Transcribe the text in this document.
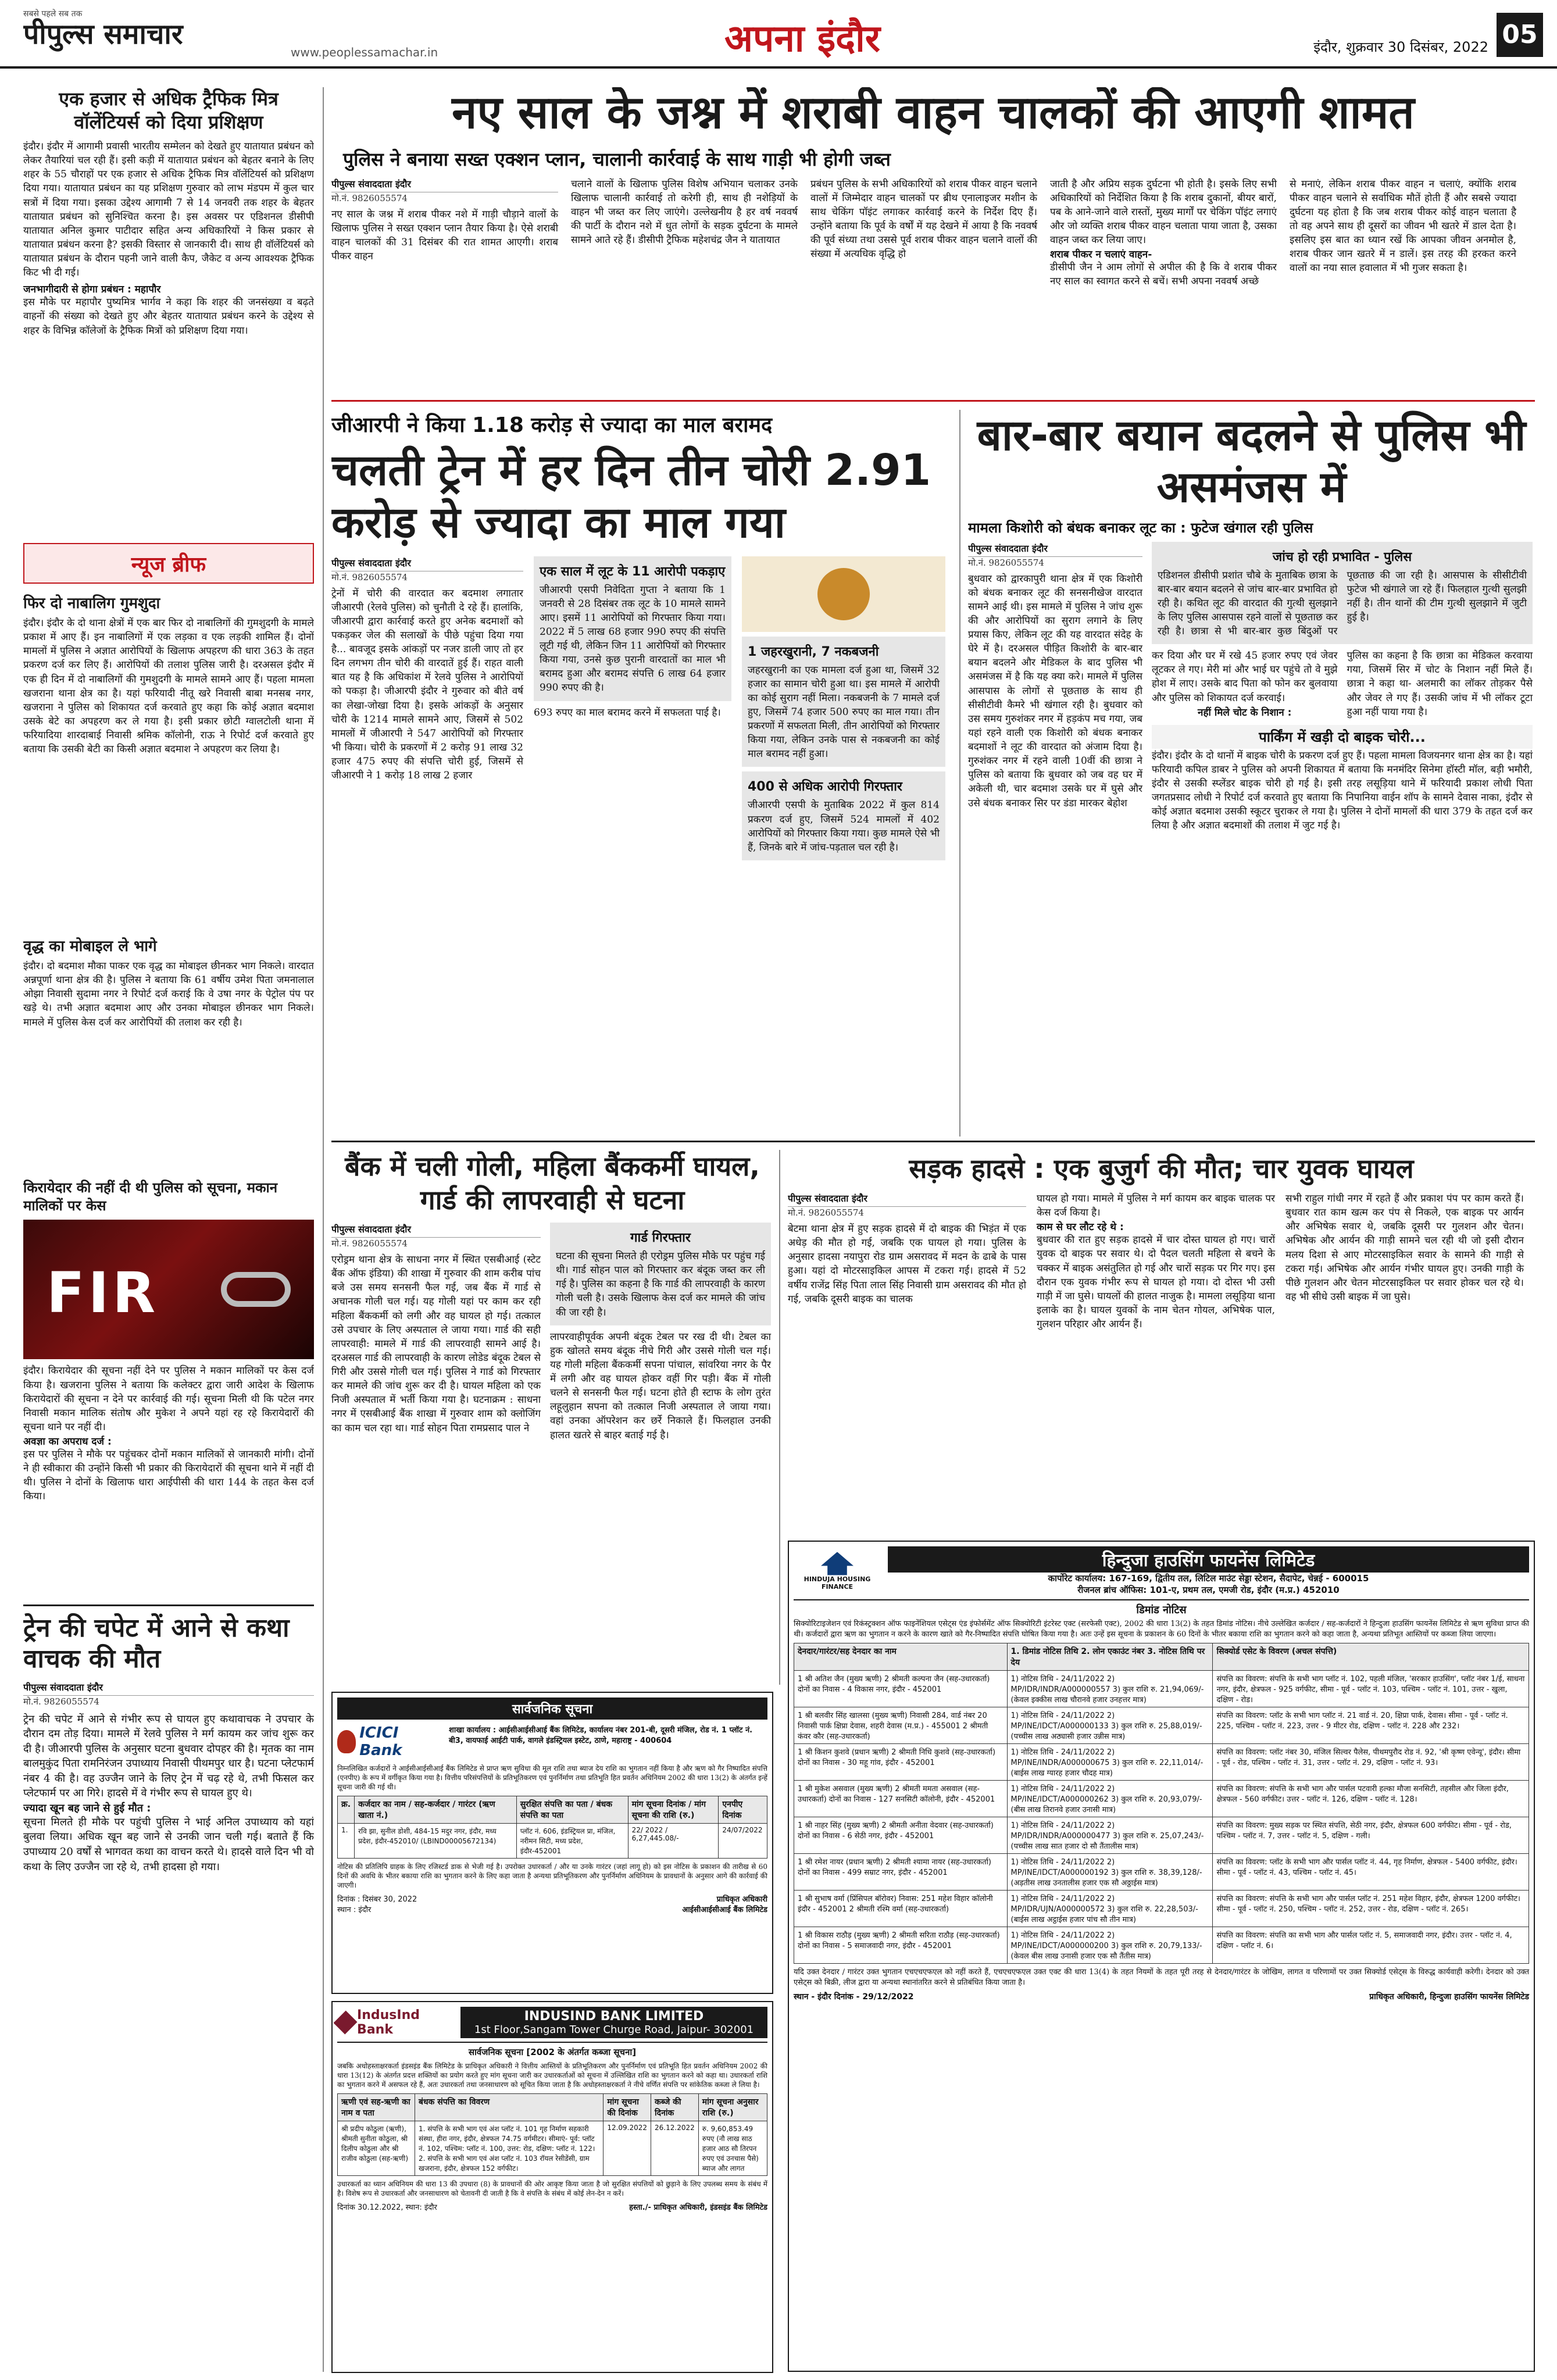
सबसे पहले सब तक
पीपुल्स समाचार
www.peoplessamachar.in	अपना इंदौर	इंदौर, शुक्रवार 30 दिसंबर, 2022 05
एक हजार से अधिक ट्रैफिक मित्र वॉलेंटियर्स को दिया प्रशिक्षण
इंदौर। इंदौर में आगामी प्रवासी भारतीय सम्मेलन को देखते हुए यातायात प्रबंधन को लेकर तैयारियां चल रही हैं। इसी कड़ी में यातायात प्रबंधन को बेहतर बनाने के लिए शहर के 55 चौराहों पर एक हजार से अधिक ट्रैफिक मित्र वॉलेंटियर्स को प्रशिक्षण दिया गया। यातायात प्रबंधन का यह प्रशिक्षण गुरुवार को लाभ मंडपम में कुल चार सत्रों में दिया गया। इसका उद्देश्य आगामी 7 से 14 जनवरी तक शहर के बेहतर यातायात प्रबंधन को सुनिश्चित करना है। इस अवसर पर एडिशनल डीसीपी यातायात अनिल कुमार पाटीदार सहित अन्य अधिकारियों ने किस प्रकार से यातायात प्रबंधन करना है? इसकी विस्तार से जानकारी दी। साथ ही वॉलेंटियर्स को यातायात प्रबंधन के दौरान पहनी जाने वाली कैप, जैकेट व अन्य आवश्यक ट्रैफिक किट भी दी गई।
जनभागीदारी से होगा प्रबंधन : महापौर
इस मौके पर महापौर पुष्यमित्र भार्गव ने कहा कि शहर की जनसंख्या व बढ़ते वाहनों की संख्या को देखते हुए और बेहतर यातायात प्रबंधन करने के उद्देश्य से शहर के विभिन्न कॉलेजों के ट्रैफिक मित्रों को प्रशिक्षण दिया गया।
न्यूज ब्रीफ
फिर दो नाबालिग गुमशुदा
इंदौर। इंदौर के दो थाना क्षेत्रों में एक बार फिर दो नाबालिगों की गुमशुदगी के मामले प्रकाश में आए हैं। इन नाबालिगों में एक लड़का व एक लड़की शामिल हैं। दोनों मामलों में पुलिस ने अज्ञात आरोपियों के खिलाफ अपहरण की धारा 363 के तहत प्रकरण दर्ज कर लिए हैं। आरोपियों की तलाश पुलिस जारी है। दरअसल इंदौर में एक ही दिन में दो नाबालिगों की गुमशुदगी के मामले सामने आए हैं। पहला मामला खजराना थाना क्षेत्र का है। यहां फरियादी नीतू खरे निवासी बाबा मनसब नगर, खजराना ने पुलिस को शिकायत दर्ज करवाते हुए कहा कि कोई अज्ञात बदमाश उसके बेटे का अपहरण कर ले गया है। इसी प्रकार छोटी ग्वालटोली थाना में फरियादिया शारदाबाई निवासी श्रमिक कॉलोनी, राऊ ने रिपोर्ट दर्ज करवाते हुए बताया कि उसकी बेटी का किसी अज्ञात बदमाश ने अपहरण कर लिया है।
वृद्ध का मोबाइल ले भागे
इंदौर। दो बदमाश मौका पाकर एक वृद्ध का मोबाइल छीनकर भाग निकले। वारदात अन्नपूर्णा थाना क्षेत्र की है। पुलिस ने बताया कि 61 वर्षीय उमेश पिता जमनालाल ओझा निवासी सुदामा नगर ने रिपोर्ट दर्ज कराई कि वे उषा नगर के पेट्रोल पंप पर खड़े थे। तभी अज्ञात बदमाश आए और उनका मोबाइल छीनकर भाग निकले। मामले में पुलिस केस दर्ज कर आरोपियों की तलाश कर रही है।
किरायेदार की नहीं दी थी पुलिस को सूचना, मकान मालिकों पर केस
FIR
इंदौर। किरायेदार की सूचना नहीं देने पर पुलिस ने मकान मालिकों पर केस दर्ज किया है। खजराना पुलिस ने बताया कि कलेक्टर द्वारा जारी आदेश के खिलाफ किरायेदारों की सूचना न देने पर कार्रवाई की गई। सूचना मिली थी कि पटेल नगर निवासी मकान मालिक संतोष और मुकेश ने अपने यहां रह रहे किरायेदारों की सूचना थाने पर नहीं दी।
अवज्ञा का अपराध दर्ज :
इस पर पुलिस ने मौके पर पहुंचकर दोनों मकान मालिकों से जानकारी मांगी। दोनों ने ही स्वीकारा की उन्होंने किसी भी प्रकार की किरायेदारों की सूचना थाने में नहीं दी थी। पुलिस ने दोनों के खिलाफ धारा आईपीसी की धारा 144 के तहत केस दर्ज किया।
ट्रेन की चपेट में आने से कथा वाचक की मौत
पीपुल्स संवाददाता इंदौर
मो.नं. 9826055574
ट्रेन की चपेट में आने से गंभीर रूप से घायल हुए कथावाचक ने उपचार के दौरान दम तोड़ दिया। मामले में रेलवे पुलिस ने मर्ग कायम कर जांच शुरू कर दी है। जीआरपी पुलिस के अनुसार घटना बुधवार दोपहर की है। मृतक का नाम बालमुकुंद पिता रामनिरंजन उपाध्याय निवासी पीथमपुर धार है। घटना प्लेटफार्म नंबर 4 की है। वह उज्जैन जाने के लिए ट्रेन में चढ़ रहे थे, तभी फिसल कर प्लेटफार्म पर आ गिरे। हादसे में वे गंभीर रूप से घायल हुए थे।
ज्यादा खून बह जाने से हुई मौत :
सूचना मिलते ही मौके पर पहुंची पुलिस ने भाई अनिल उपाध्याय को यहां बुलवा लिया। अधिक खून बह जाने से उनकी जान चली गई। बताते हैं कि उपाध्याय 20 वर्षों से भागवत कथा का वाचन करते थे। हादसे वाले दिन भी वो कथा के लिए उज्जैन जा रहे थे, तभी हादसा हो गया।
नए साल के जश्न में शराबी वाहन चालकों की आएगी शामत
पुलिस ने बनाया सख्त एक्शन प्लान, चालानी कार्रवाई के साथ गाड़ी भी होगी जब्त
पीपुल्स संवाददाता इंदौर
मो.नं. 9826055574
नए साल के जश्न में शराब पीकर नशे में गाड़ी चौड़ाने वालों के खिलाफ पुलिस ने सख्त एक्शन प्लान तैयार किया है। ऐसे शराबी वाहन चालकों की 31 दिसंबर की रात शामत आएगी। शराब पीकर वाहन
चलाने वालों के खिलाफ पुलिस विशेष अभियान चलाकर उनके खिलाफ चालानी कार्रवाई तो करेगी ही, साथ ही नशेड़ियों के वाहन भी जब्त कर लिए जाएंगे। उल्लेखनीय है हर वर्ष नववर्ष की पार्टी के दौरान नशे में धुत लोगों के सड़क दुर्घटना के मामले सामने आते रहे हैं। डीसीपी ट्रैफिक महेशचंद्र जैन ने यातायात
प्रबंधन पुलिस के सभी अधिकारियों को शराब पीकर वाहन चलाने वालों में जिम्मेदार वाहन चालकों पर ब्रीथ एनालाइजर मशीन के साथ चेकिंग पॉइंट लगाकर कार्रवाई करने के निर्देश दिए हैं। उन्होंने बताया कि पूर्व के वर्षों में यह देखने में आया है कि नववर्ष की पूर्व संध्या तथा उससे पूर्व शराब पीकर वाहन चलाने वालों की संख्या में अत्यधिक वृद्धि हो
जाती है और अप्रिय सड़क दुर्घटना भी होती है। इसके लिए सभी अधिकारियों को निर्देशित किया है कि शराब दुकानों, बीयर बारों, पब के आने-जाने वाले रास्तों, मुख्य मार्गों पर चेकिंग पॉइंट लगाएं और जो व्यक्ति शराब पीकर वाहन चलाता पाया जाता है, उसका वाहन जब्त कर लिया जाए।
शराब पीकर न चलाएं वाहन-
डीसीपी जैन ने आम लोगों से अपील की है कि वे शराब पीकर नए साल का स्वागत करने से बचें। सभी अपना नववर्ष अच्छे
से मनाएं, लेकिन शराब पीकर वाहन न चलाएं, क्योंकि शराब पीकर वाहन चलाने से सर्वाधिक मौतें होती हैं और सबसे ज्यादा दुर्घटना यह होता है कि जब शराब पीकर कोई वाहन चलाता है तो वह अपने साथ ही दूसरों का जीवन भी खतरे में डाल देता है। इसलिए इस बात का ध्यान रखें कि आपका जीवन अनमोल है, शराब पीकर जान खतरे में न डालें। इस तरह की हरकत करने वालों का नया साल हवालात में भी गुजर सकता है।
जीआरपी ने किया 1.18 करोड़ से ज्यादा का माल बरामद
चलती ट्रेन में हर दिन तीन चोरी 2.91 करोड़ से ज्यादा का माल गया
पीपुल्स संवाददाता इंदौर
मो.नं. 9826055574
ट्रेनों में चोरी की वारदात कर बदमाश लगातार जीआरपी (रेलवे पुलिस) को चुनौती दे रहे हैं। हालांकि, जीआरपी द्वारा कार्रवाई करते हुए अनेक बदमाशों को पकड़कर जेल की सलाखों के पीछे पहुंचा दिया गया है... बावजूद इसके आंकड़ों पर नजर डाली जाए तो हर दिन लगभग तीन चोरी की वारदातें हुई हैं। राहत वाली बात यह है कि अधिकांश में रेलवे पुलिस ने आरोपियों को पकड़ा है। जीआरपी इंदौर ने गुरुवार को बीते वर्ष का लेखा-जोखा दिया है। इसके आंकड़ों के अनुसार चोरी के 1214 मामले सामने आए, जिसमें से 502 मामलों में जीआरपी ने 547 आरोपियों को गिरफ्तार भी किया। चोरी के प्रकरणों में 2 करोड़ 91 लाख 32 हजार 475 रुपए की संपत्ति चोरी हुई, जिसमें से जीआरपी ने 1 करोड़ 18 लाख 2 हजार
एक साल में लूट के 11 आरोपी पकड़ाए
जीआरपी एसपी निवेदिता गुप्ता ने बताया कि 1 जनवरी से 28 दिसंबर तक लूट के 10 मामले सामने आए। इसमें 11 आरोपियों को गिरफ्तार किया गया। 2022 में 5 लाख 68 हजार 990 रुपए की संपत्ति लूटी गई थी, लेकिन जिन 11 आरोपियों को गिरफ्तार किया गया, उनसे कुछ पुरानी वारदातों का माल भी बरामद हुआ और बरामद संपत्ति 6 लाख 64 हजार 990 रुपए की है।
693 रुपए का माल बरामद करने में सफलता पाई है।
1 जहरखुरानी, 7 नकबजनी
जहरखुरानी का एक मामला दर्ज हुआ था, जिसमें 32 हजार का सामान चोरी हुआ था। इस मामले में आरोपी का कोई सुराग नहीं मिला। नकबजनी के 7 मामले दर्ज हुए, जिसमें 74 हजार 500 रुपए का माल गया। तीन प्रकरणों में सफलता मिली, तीन आरोपियों को गिरफ्तार किया गया, लेकिन उनके पास से नकबजनी का कोई माल बरामद नहीं हुआ।
400 से अधिक आरोपी गिरफ्तार
जीआरपी एसपी के मुताबिक 2022 में कुल 814 प्रकरण दर्ज हुए, जिसमें 524 मामलों में 402 आरोपियों को गिरफ्तार किया गया। कुछ मामले ऐसे भी हैं, जिनके बारे में जांच-पड़ताल चल रही है।
बार-बार बयान बदलने से पुलिस भी असमंजस में
मामला किशोरी को बंधक बनाकर लूट का : फुटेज खंगाल रही पुलिस
पीपुल्स संवाददाता इंदौर
मो.नं. 9826055574
बुधवार को द्वारकापुरी थाना क्षेत्र में एक किशोरी को बंधक बनाकर लूट की सनसनीखेज वारदात सामने आई थी। इस मामले में पुलिस ने जांच शुरू की और आरोपियों का सुराग लगाने के लिए प्रयास किए, लेकिन लूट की यह वारदात संदेह के घेरे में है। दरअसल पीड़ित किशोरी के बार-बार बयान बदलने और मेडिकल के बाद पुलिस भी असमंजस में है कि यह क्या करे। मामले में पुलिस आसपास के लोगों से पूछताछ के साथ ही सीसीटीवी कैमरे भी खंगाल रही है। बुधवार को उस समय गुरुशंकर नगर में हड़कंप मच गया, जब यहां रहने वाली एक किशोरी को बंधक बनाकर बदमाशों ने लूट की वारदात को अंजाम दिया है। गुरुशंकर नगर में रहने वाली 10वीं की छात्रा ने पुलिस को बताया कि बुधवार को जब वह घर में अकेली थी, चार बदमाश उसके घर में घुसे और उसे बंधक बनाकर सिर पर डंडा मारकर बेहोश
जांच हो रही प्रभावित - पुलिस
एडिशनल डीसीपी प्रशांत चौबे के मुताबिक छात्रा के बार-बार बयान बदलने से जांच बार-बार प्रभावित हो रही है। कथित लूट की वारदात की गुत्थी सुलझाने के लिए पुलिस आसपास रहने वालों से पूछताछ कर रही है। छात्रा से भी बार-बार कुछ बिंदुओं पर पूछताछ की जा रही है। आसपास के सीसीटीवी फुटेज भी खंगाले जा रहे हैं। फिलहाल गुत्थी सुलझी नहीं है। तीन थानों की टीम गुत्थी सुलझाने में जुटी हुई है।
कर दिया और घर में रखे 45 हजार रुपए एवं जेवर लूटकर ले गए। मेरी मां और भाई घर पहुंचे तो वे मुझे होश में लाए। उसके बाद पिता को फोन कर बुलवाया और पुलिस को शिकायत दर्ज करवाई।
नहीं मिले चोट के निशान :
पुलिस का कहना है कि छात्रा का मेडिकल करवाया गया, जिसमें सिर में चोट के निशान नहीं मिले हैं। छात्रा ने कहा था- अलमारी का लॉकर तोड़कर पैसे और जेवर ले गए हैं। उसकी जांच में भी लॉकर टूटा हुआ नहीं पाया गया है।
पार्किंग में खड़ी दो बाइक चोरी...
इंदौर। इंदौर के दो थानों में बाइक चोरी के प्रकरण दर्ज हुए हैं। पहला मामला विजयनगर थाना क्षेत्र का है। यहां फरियादी कपिल डाबर ने पुलिस को अपनी शिकायत में बताया कि मनमंदिर सिनेमा हॉस्टी मॉल, बड़ी भमौरी, इंदौर से उसकी स्प्लेंडर बाइक चोरी हो गई है। इसी तरह लसूड़िया थाने में फरियादी प्रकाश लोधी पिता जगतप्रसाद लोधी ने रिपोर्ट दर्ज करवाते हुए बताया कि निपानिया वाईन शॉप के सामने देवास नाका, इंदौर से कोई अज्ञात बदमाश उसकी स्कूटर चुराकर ले गया है। पुलिस ने दोनों मामलों की धारा 379 के तहत दर्ज कर लिया है और अज्ञात बदमाशों की तलाश में जुट गई है।
बैंक में चली गोली, महिला बैंककर्मी घायल, गार्ड की लापरवाही से घटना
पीपुल्स संवाददाता इंदौर
मो.नं. 9826055574
एरोड्रम थाना क्षेत्र के साधना नगर में स्थित एसबीआई (स्टेट बैंक ऑफ इंडिया) की शाखा में गुरुवार की शाम करीब पांच बजे उस समय सनसनी फैल गई, जब बैंक में गार्ड से अचानक गोली चल गई। यह गोली यहां पर काम कर रही महिला बैंककर्मी को लगी और वह घायल हो गई। तत्काल उसे उपचार के लिए अस्पताल ले जाया गया। गार्ड की सही लापरवाही: मामले में गार्ड की लापरवाही सामने आई है। दरअसल गार्ड की लापरवाही के कारण लोडेड बंदूक टेबल से गिरी और उससे गोली चल गई। पुलिस ने गार्ड को गिरफ्तार कर मामले की जांच शुरू कर दी है। घायल महिला को एक निजी अस्पताल में भर्ती किया गया है। घटनाक्रम : साधना नगर में एसबीआई बैंक शाखा में गुरुवार शाम को क्लोजिंग का काम चल रहा था। गार्ड सोहन पिता रामप्रसाद पाल ने
गार्ड गिरफ्तार
घटना की सूचना मिलते ही एरोड्रम पुलिस मौके पर पहुंच गई थी। गार्ड सोहन पाल को गिरफ्तार कर बंदूक जब्त कर ली गई है। पुलिस का कहना है कि गार्ड की लापरवाही के कारण गोली चली है। उसके खिलाफ केस दर्ज कर मामले की जांच की जा रही है।
लापरवाहीपूर्वक अपनी बंदूक टेबल पर रख दी थी। टेबल का हुक खोलते समय बंदूक नीचे गिरी और उससे गोली चल गई। यह गोली महिला बैंककर्मी सपना पांचाल, सांवरिया नगर के पैर में लगी और वह घायल होकर वहीं गिर पड़ी। बैंक में गोली चलने से सनसनी फैल गई। घटना होते ही स्टाफ के लोग तुरंत लहूलुहान सपना को तत्काल निजी अस्पताल ले जाया गया। वहां उनका ऑपरेशन कर छर्रे निकाले हैं। फिलहाल उनकी हालत खतरे से बाहर बताई गई है।
सड़क हादसे : एक बुजुर्ग की मौत; चार युवक घायल
पीपुल्स संवाददाता इंदौर
मो.नं. 9826055574
बेटमा थाना क्षेत्र में हुए सड़क हादसे में दो बाइक की भिड़ंत में एक अधेड़ की मौत हो गई, जबकि एक घायल हो गया। पुलिस के अनुसार हादसा नयापुरा रोड ग्राम असरावद में मदन के ढाबे के पास हुआ। यहां दो मोटरसाइकिल आपस में टकरा गई। हादसे में 52 वर्षीय राजेंद्र सिंह पिता लाल सिंह निवासी ग्राम असरावद की मौत हो गई, जबकि दूसरी बाइक का चालक
घायल हो गया। मामले में पुलिस ने मर्ग कायम कर बाइक चालक पर केस दर्ज किया है।
काम से घर लौट रहे थे :
बुधवार की रात हुए सड़क हादसे में चार दोस्त घायल हो गए। चारों युवक दो बाइक पर सवार थे। दो पैदल चलती महिला से बचने के चक्कर में बाइक असंतुलित हो गई और चारों सड़क पर गिर गए। इस दौरान एक युवक गंभीर रूप से घायल हो गया। दो दोस्त भी उसी गाड़ी में जा घुसे। घायलों की हालत नाजुक है। मामला लसूड़िया थाना इलाके का है। घायल युवकों के नाम चेतन गोयल, अभिषेक पाल, गुलशन परिहार और आर्यन हैं।
सभी राहुल गांधी नगर में रहते हैं और प्रकाश पंप पर काम करते हैं। बुधवार रात काम खत्म कर पंप से निकले, एक बाइक पर आर्यन और अभिषेक सवार थे, जबकि दूसरी पर गुलशन और चेतन। अभिषेक और आर्यन की गाड़ी सामने चल रही थी जो इसी दौरान मलय दिशा से आए मोटरसाइकिल सवार के सामने की गाड़ी से टकरा गई। अभिषेक और आर्यन गंभीर घायल हुए। उनकी गाड़ी के पीछे गुलशन और चेतन मोटरसाइकिल पर सवार होकर चल रहे थे। वह भी सीधे उसी बाइक में जा घुसे।
सार्वजनिक सूचना
ICICI Bank
शाखा कार्यालय : आईसीआईसीआई बैंक लिमिटेड, कार्यालय नंबर 201-बी, दूसरी मंजिल, रोड नं. 1 प्लॉट नं. बी3, वायफाई आईटी पार्क, वागले इंडस्ट्रियल इस्टेट, ठाणे, महाराष्ट्र - 400604
निम्नलिखित कर्जदारों ने आईसीआईसीआई बैंक लिमिटेड से प्राप्त ऋण सुविधा की मूल राशि तथा ब्याज देय राशि का भुगतान नहीं किया है और ऋण को गैर निष्पादित संपत्ति (एनपीए) के रूप में वर्गीकृत किया गया है। वित्तीय परिसंपत्तियों के प्रतिभूतिकरण एवं पुनर्निर्माण तथा प्रतिभूति हित प्रवर्तन अधिनियम 2002 की धारा 13(2) के अंतर्गत इन्हें सूचना जारी की गई थी।
क्र.	कर्जदार का नाम / सह-कर्जदार / गारंटर (ऋण खाता नं.)	सुरक्षित संपत्ति का पता / बंधक संपत्ति का पता	मांग सूचना दिनांक / मांग सूचना की राशि (रु.)	एनपीए दिनांक
1.	रवि झा, सुनील डोशी, 484-15 मदुर नगर, इंदौर, मध्य प्रदेश, इंदौर-452010/ (LBIND00005672134)	प्लॉट नं. 606, इंडस्ट्रियल प्रा, मंजिल, नरीमन सिटी, मध्य प्रदेश, इंदौर-452001	22/ 2022 / 6,27,445.08/-	24/07/2022
नोटिस की प्रतिलिपि ग्राहक के लिए रजिस्टर्ड डाक से भेजी गई है। उपरोक्त उधारकर्ता / और या उनके गारंटर (जहां लागू हो) को इस नोटिस के प्रकाशन की तारीख से 60 दिनों की अवधि के भीतर बकाया राशि का भुगतान करने के लिए कहा जाता है अन्यथा प्रतिभूतिकरण और पुनर्निर्माण अधिनियम के प्रावधानों के अनुसार आगे की कार्रवाई की जाएगी।
दिनांक : दिसंबर 30, 2022
स्थान : इंदौर
प्राधिकृत अधिकारी
आईसीआईसीआई बैंक लिमिटेड
IndusInd Bank
INDUSIND BANK LIMITED
1st Floor,Sangam Tower Churge Road, Jaipur- 302001
सार्वजनिक सूचना [2002 के अंतर्गत कब्जा सूचना]
जबकि अधोहस्ताक्षरकर्ता इंडसइंड बैंक लिमिटेड के प्राधिकृत अधिकारी ने वित्तीय आस्तियों के प्रतिभूतिकरण और पुनर्निर्माण एवं प्रतिभूति हित प्रवर्तन अधिनियम 2002 की धारा 13(12) के अंतर्गत प्रदत्त शक्तियों का प्रयोग करते हुए मांग सूचना जारी कर उधारकर्ताओं को सूचना में उल्लिखित राशि का भुगतान करने को कहा था। उधारकर्ता राशि का भुगतान करने में असफल रहे हैं, अतः उधारकर्ता तथा जनसाधारण को सूचित किया जाता है कि अधोहस्ताक्षरकर्ता ने नीचे वर्णित संपत्ति पर सांकेतिक कब्जा ले लिया है।
ऋणी एवं सह-ऋणी का नाम व पता	बंधक संपत्ति का विवरण	मांग सूचना की दिनांक	कब्जे की दिनांक	मांग सूचना अनुसार राशि (रु.)
श्री प्रदीप कोठुला (ऋणी), श्रीमती सुनीता कोठुला, श्री दिलीप कोठुला और श्री राजीव कोठुला (सह-ऋणी)	1. संपत्ति के सभी भाग एवं अंश प्लॉट नं. 101 गृह निर्माण सहकारी संस्था, हीरा नगर, इंदौर, क्षेत्रफल 74.75 वर्गमीटर। सीमाएं- पूर्व: प्लॉट नं. 102, पश्चिम: प्लॉट नं. 100, उत्तर: रोड, दक्षिण: प्लॉट नं. 122। 2. संपत्ति के सभी भाग एवं अंश प्लॉट नं. 103 रॉयल रेसीडेंसी, ग्राम खजराना, इंदौर, क्षेत्रफल 152 वर्गफीट।	12.09.2022	26.12.2022	रु. 9,60,853.49 रुपए (नौ लाख साठ हजार आठ सौ तिरपन रुपए एवं उनचास पैसे) ब्याज और लागत
उधारकर्ता का ध्यान अधिनियम की धारा 13 की उपधारा (8) के प्रावधानों की ओर आकृष्ट किया जाता है जो सुरक्षित संपत्तियों को छुड़ाने के लिए उपलब्ध समय के संबंध में है। विशेष रूप से उधारकर्ता और जनसाधारण को चेतावनी दी जाती है कि वे संपत्ति के संबंध में कोई लेन-देन न करें।
दिनांक 30.12.2022, स्थान: इंदौर	हस्ता./- प्राधिकृत अधिकारी, इंडसइंड बैंक लिमिटेड
HINDUJA HOUSING FINANCE
हिन्दुजा हाउसिंग फायनेंस लिमिटेड
कार्पोरेट कार्यालय: 167-169, द्वितीय तल, लिटिल माउंट सेड्डा स्टेशन, सैदापेट, चेन्नई - 600015
रीजनल ब्रांच ऑफिस: 101-ए, प्रथम तल, एमजी रोड, इंदौर (म.प्र.) 452010
डिमांड नोटिस
सिक्योरिटाइजेशन एवं रिकंस्ट्रक्शन ऑफ फाइनेंशियल एसेट्स एंड इंफोर्समेंट ऑफ सिक्योरिटी इंटरेस्ट एक्ट (सरफेसी एक्ट), 2002 की धारा 13(2) के तहत डिमांड नोटिस। नीचे उल्लेखित कर्जदार / सह-कर्जदारों ने हिन्दुजा हाउसिंग फायनेंस लिमिटेड से ऋण सुविधा प्राप्त की थी। कर्जदारों द्वारा ऋण का भुगतान न करने के कारण खाते को गैर-निष्पादित संपत्ति घोषित किया गया है। अतः उन्हें इस सूचना के प्रकाशन के 60 दिनों के भीतर बकाया राशि का भुगतान करने को कहा जाता है, अन्यथा प्रतिभूत आस्तियों पर कब्जा लिया जाएगा।
देनदार/गारंटर/सह देनदार का नाम	1. डिमांड नोटिस तिथि 2. लोन एकाउंट नंबर 3. नोटिस तिथि पर देय	सिक्योर्ड एसेट के विवरण (अचल संपत्ति)
1 श्री अतिश जैन (मुख्य ऋणी) 2 श्रीमती कल्पना जैन (सह-उधारकर्ता) दोनों का निवास - 4 विकास नगर, इंदौर - 452001	1) नोटिस तिथि - 24/11/2022 2) MP/IDR/INDR/A000000557 3) कुल राशि रु. 21,94,069/- (केवल इक्कीस लाख चौरानवे हजार उनहत्तर मात्र)	संपत्ति का विवरण: संपत्ति के सभी भाग प्लॉट नं. 102, पहली मंजिल, 'सरकार हाउसिंग', प्लॉट नंबर 1/ई, साधना नगर, इंदौर, क्षेत्रफल - 925 वर्गफीट, सीमा - पूर्व - प्लॉट नं. 103, पश्चिम - प्लॉट नं. 101, उत्तर - खुला, दक्षिण - रोड।
1 श्री बलवीर सिंह खालसा (मुख्य ऋणी) निवासी 284, वार्ड नंबर 20 निवासी पार्क क्षिप्रा देवास, शहरी देवास (म.प्र.) - 455001 2 श्रीमती कंवर कौर (सह-उधारकर्ता)	1) नोटिस तिथि - 24/11/2022 2) MP/INE/IDCT/A000000133 3) कुल राशि रु. 25,88,019/- (पच्चीस लाख अठ्यासी हजार उन्नीस मात्र)	संपत्ति का विवरण: प्लॉट के सभी भाग प्लॉट नं. 21 वार्ड नं. 20, क्षिप्रा पार्क, देवास। सीमा - पूर्व - प्लॉट नं. 225, पश्चिम - प्लॉट नं. 223, उत्तर - 9 मीटर रोड, दक्षिण - प्लॉट नं. 228 और 232।
1 श्री किशन कुशवे (प्रधान ऋणी) 2 श्रीमती निधि कुशवे (सह-उधारकर्ता) दोनों का निवास - 30 महू गांव, इंदौर - 452001	1) नोटिस तिथि - 24/11/2022 2) MP/INE/INDR/A000000675 3) कुल राशि रु. 22,11,014/- (बाईस लाख ग्यारह हजार चौदह मात्र)	संपत्ति का विवरण: प्लॉट नंबर 30, मंजिल सिल्वर पैलेस, पीथमपुरौद रोड नं. 92, 'श्री कृष्ण एवेन्यू', इंदौर। सीमा - पूर्व - रोड, पश्चिम - प्लॉट नं. 31, उत्तर - प्लॉट नं. 29, दक्षिण - प्लॉट नं. 93।
1 श्री मुकेश असवाल (मुख्य ऋणी) 2 श्रीमती ममता असवाल (सह-उधारकर्ता) दोनों का निवास - 127 सनसिटी कॉलोनी, इंदौर - 452001	1) नोटिस तिथि - 24/11/2022 2) MP/INE/IDCT/A000000262 3) कुल राशि रु. 20,93,079/- (बीस लाख तिरानवे हजार उनासी मात्र)	संपत्ति का विवरण: संपत्ति के सभी भाग और पार्सल पटवारी हल्का मौजा सनसिटी, तहसील और जिला इंदौर, क्षेत्रफल - 560 वर्गफीट। उत्तर - प्लॉट नं. 126, दक्षिण - प्लॉट नं. 128।
1 श्री नाहर सिंह (मुख्य ऋणी) 2 श्रीमती अनीता वेदवार (सह-उधारकर्ता) दोनों का निवास - 6 सेठी नगर, इंदौर - 452001	1) नोटिस तिथि - 24/11/2022 2) MP/IDR/INDR/A000000477 3) कुल राशि रु. 25,07,243/- (पच्चीस लाख सात हजार दो सौ तैंतालीस मात्र)	संपत्ति का विवरण: मुख्य सड़क पर स्थित संपत्ति, सेठी नगर, इंदौर, क्षेत्रफल 600 वर्गफीट। सीमा - पूर्व - रोड, पश्चिम - प्लॉट नं. 7, उत्तर - प्लॉट नं. 5, दक्षिण - गली।
1 श्री रमेश नायर (प्रधान ऋणी) 2 श्रीमती श्यामा नायर (सह-उधारकर्ता) दोनों का निवास - 499 सम्राट नगर, इंदौर - 452001	1) नोटिस तिथि - 24/11/2022 2) MP/INE/IDCT/A000000192 3) कुल राशि रु. 38,39,128/- (अड़तीस लाख उनतालीस हजार एक सौ अठ्ठाईस मात्र)	संपत्ति का विवरण: प्लॉट के सभी भाग और पार्सल प्लॉट नं. 44, गृह निर्माण, क्षेत्रफल - 5400 वर्गफीट, इंदौर। सीमा - पूर्व - प्लॉट नं. 43, पश्चिम - प्लॉट नं. 45।
1 श्री सुभाष वर्मा (प्रिंसिपल बॉरोवर) निवास: 251 महेश विहार कॉलोनी इंदौर - 452001 2 श्रीमती रश्मि वर्मा (सह-उधारकर्ता)	1) नोटिस तिथि - 24/11/2022 2) MP/IDR/UJN/A000000572 3) कुल राशि रु. 22,28,503/- (बाईस लाख अट्ठाईस हजार पांच सौ तीन मात्र)	संपत्ति का विवरण: संपत्ति के सभी भाग और पार्सल प्लॉट नं. 251 महेश विहार, इंदौर, क्षेत्रफल 1200 वर्गफीट। सीमा - पूर्व - प्लॉट नं. 250, पश्चिम - प्लॉट नं. 252, उत्तर - रोड, दक्षिण - प्लॉट नं. 265।
1 श्री विकास राठौड़ (मुख्य ऋणी) 2 श्रीमती सरिता राठौड़ (सह-उधारकर्ता) दोनों का निवास - 5 समाजवादी नगर, इंदौर - 452001	1) नोटिस तिथि - 24/11/2022 2) MP/INE/IDCT/A000000200 3) कुल राशि रु. 20,79,133/- (केवल बीस लाख उनासी हजार एक सौ तैंतीस मात्र)	संपत्ति का विवरण: संपत्ति का सभी भाग और पार्सल प्लॉट नं. 5, समाजवादी नगर, इंदौर। उत्तर - प्लॉट नं. 4, दक्षिण - प्लॉट नं. 6।
यदि उक्त देनदार / गारंटर उक्त भुगतान एचएचएफएल को नहीं करते हैं, एचएचएफएल उक्त एक्ट की धारा 13(4) के तहत नियमों के तहत पूरी तरह से देनदार/गारंटर के जोखिम, लागत व परिणामों पर उक्त सिक्योर्ड एसेट्स के विरुद्ध कार्यवाही करेगी। देनदार को उक्त एसेट्स को बिक्री, लीज द्वारा या अन्यथा स्थानांतरित करने से प्रतिबंधित किया जाता है।
स्थान - इंदौर दिनांक - 29/12/2022	प्राधिकृत अधिकारी, हिन्दुजा हाउसिंग फायनेंस लिमिटेड
